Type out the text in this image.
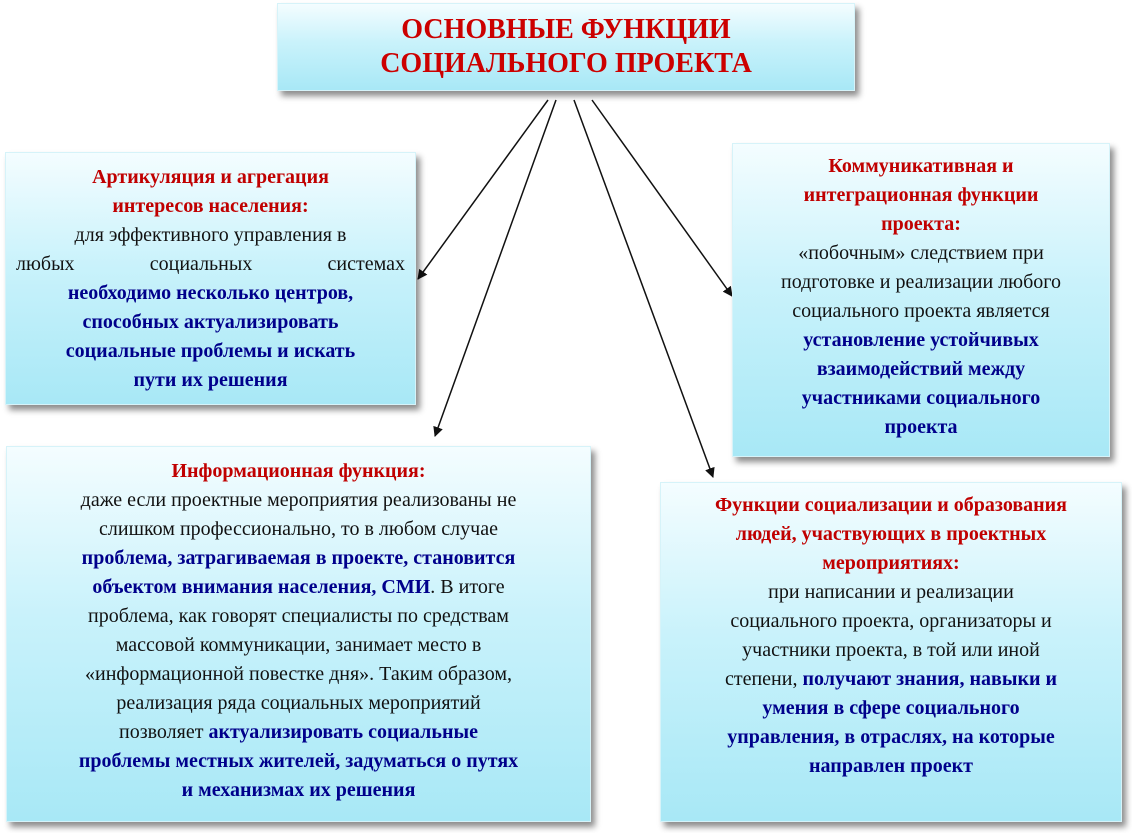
ОСНОВНЫЕ ФУНКЦИИ
СОЦИАЛЬНОГО ПРОЕКТА
Артикуляция и агрегация
интересов населения:
для эффективного управления в
любых социальных системах
необходимо несколько центров,
способных актуализировать
социальные проблемы и искать
пути их решения
Коммуникативная и
интеграционная функции
проекта:
«побочным» следствием при
подготовке и реализации любого
социального проекта является
установление устойчивых
взаимодействий между
участниками социального
проекта
Информационная функция:
даже если проектные мероприятия реализованы не
слишком профессионально, то в любом случае
проблема, затрагиваемая в проекте, становится
объектом внимания населения, СМИ. В итоге
проблема, как говорят специалисты по средствам
массовой коммуникации, занимает место в
«информационной повестке дня». Таким образом,
реализация ряда социальных мероприятий
позволяет актуализировать социальные
проблемы местных жителей, задуматься о путях
и механизмах их решения
Функции социализации и образования
людей, участвующих в проектных
мероприятиях:
при написании и реализации
социального проекта, организаторы и
участники проекта, в той или иной
степени, получают знания, навыки и
умения в сфере социального
управления, в отраслях, на которые
направлен проект
